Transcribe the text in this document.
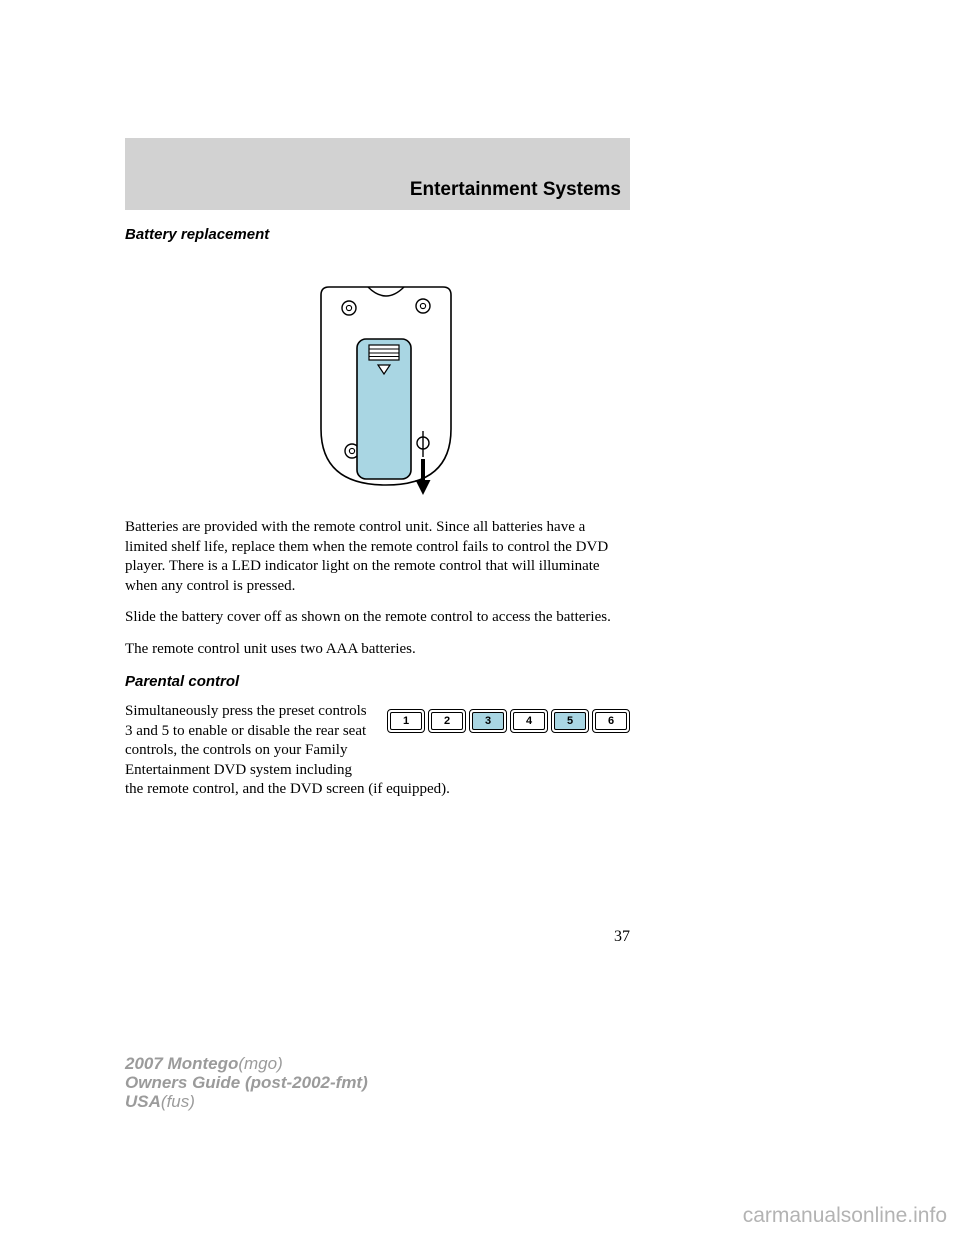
Entertainment Systems
Battery replacement

Batteries are provided with the remote control unit. Since all batteries have a limited shelf life, replace them when the remote control fails to control the DVD player. There is a LED indicator light on the remote control that will illuminate when any control is pressed.

Slide the battery cover off as shown on the remote control to access the batteries.

The remote control unit uses two AAA batteries.

Parental control
1	2	3	4	5	6

Simultaneously press the preset controls 3 and 5 to enable or disable the rear seat controls, the controls on your Family Entertainment DVD system including the remote control, and the DVD screen (if equipped).

37
2007 Montego(mgo)
Owners Guide (post-2002-fmt)
USA(fus)
carmanualsonline.info
